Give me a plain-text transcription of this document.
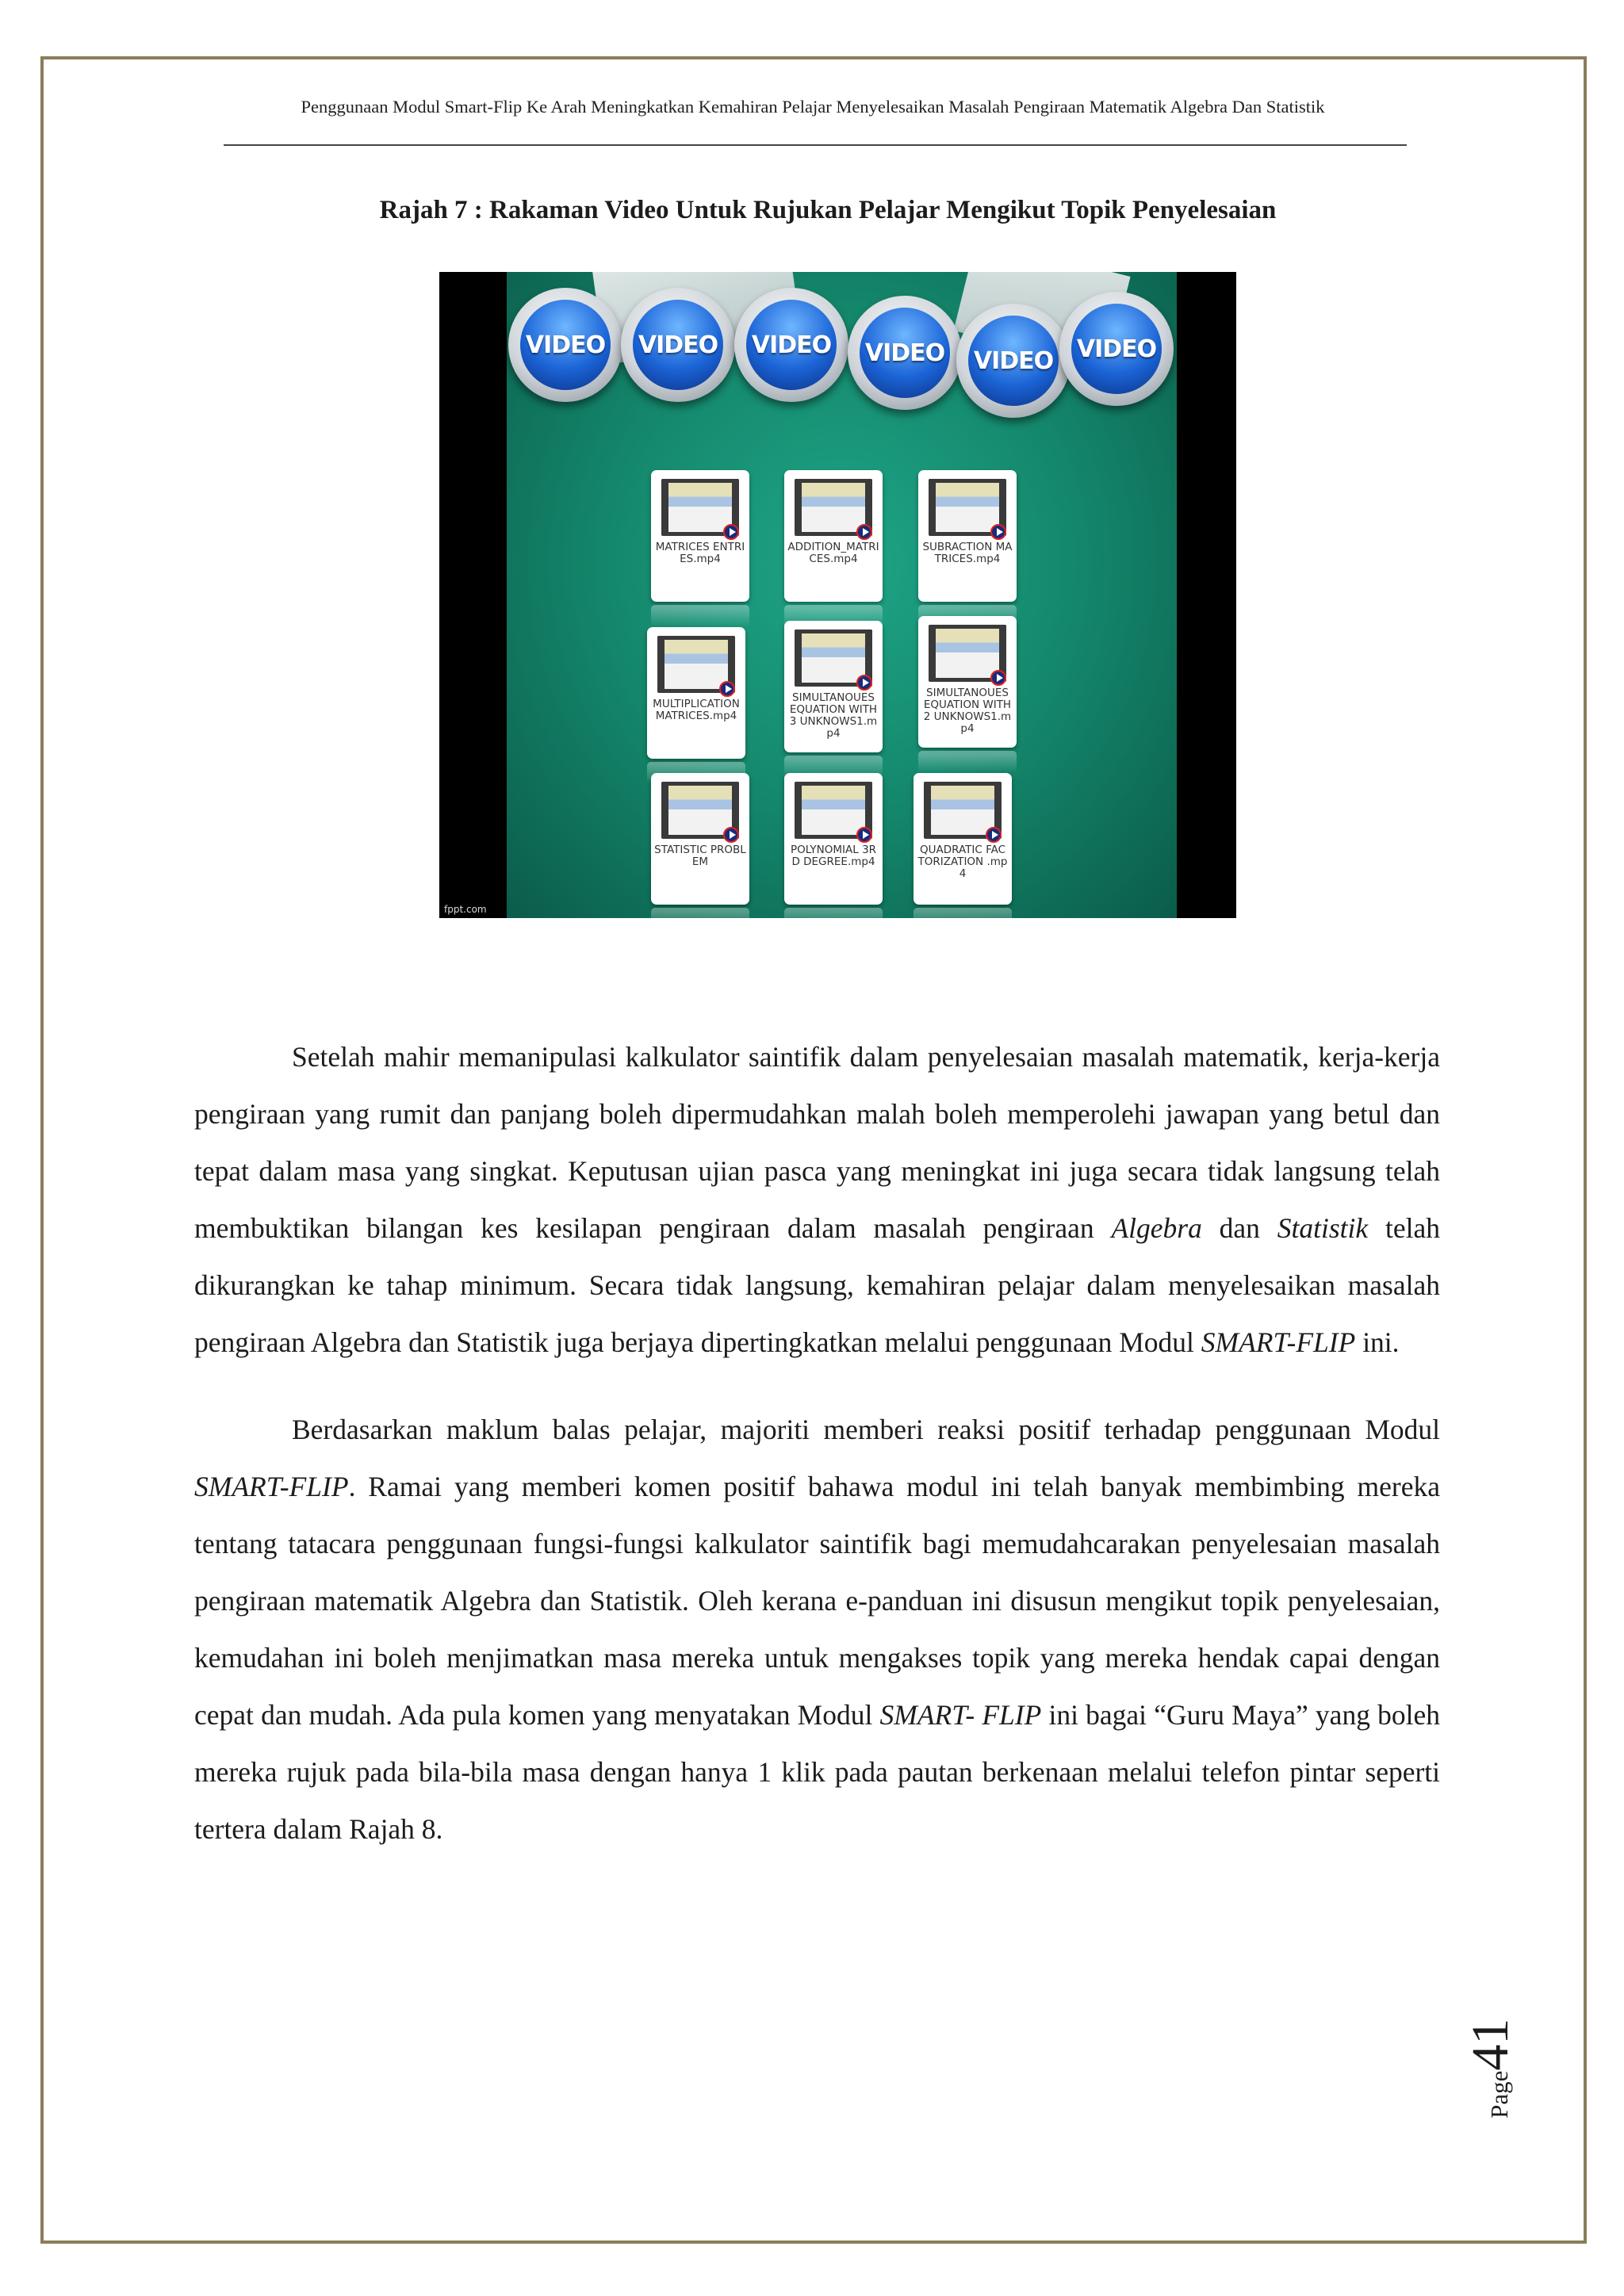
Penggunaan Modul Smart-Flip Ke Arah Meningkatkan Kemahiran Pelajar Menyelesaikan Masalah Pengiraan Matematik Algebra Dan Statistik
Rajah 7 : Rakaman Video Untuk Rujukan Pelajar Mengikut Topik Penyelesaian
VIDEO VIDEO VIDEO VIDEO VIDEO VIDEO
MATRICES ENTRIES.mp4
ADDITION_MATRICES.mp4
SUBRACTION MATRICES.mp4
MULTIPLICATION MATRICES.mp4
SIMULTANOUES EQUATION WITH 3 UNKNOWS1.mp4
SIMULTANOUES EQUATION WITH 2 UNKNOWS1.mp4
STATISTIC PROBLEM
POLYNOMIAL 3RD DEGREE.mp4
QUADRATIC FACTORIZATION .mp4
fppt.com

Setelah mahir memanipulasi kalkulator saintifik dalam penyelesaian masalah matematik, kerja-kerja pengiraan yang rumit dan panjang boleh dipermudahkan malah boleh memperolehi jawapan yang betul dan tepat dalam masa yang singkat. Keputusan ujian pasca yang meningkat ini juga secara tidak langsung telah membuktikan bilangan kes kesilapan pengiraan dalam masalah pengiraan Algebra dan Statistik telah dikurangkan ke tahap minimum. Secara tidak langsung, kemahiran pelajar dalam menyelesaikan masalah pengiraan Algebra dan Statistik juga berjaya dipertingkatkan melalui penggunaan Modul SMART-FLIP ini.

Berdasarkan maklum balas pelajar, majoriti memberi reaksi positif terhadap penggunaan Modul SMART-FLIP. Ramai yang memberi komen positif bahawa modul ini telah banyak membimbing mereka tentang tatacara penggunaan fungsi-fungsi kalkulator saintifik bagi memudahcarakan penyelesaian masalah pengiraan matematik Algebra dan Statistik. Oleh kerana e-panduan ini disusun mengikut topik penyelesaian, kemudahan ini boleh menjimatkan masa mereka untuk mengakses topik yang mereka hendak capai dengan cepat dan mudah. Ada pula komen yang menyatakan Modul SMART- FLIP ini bagai “Guru Maya” yang boleh mereka rujuk pada bila-bila masa dengan hanya 1 klik pada pautan berkenaan melalui telefon pintar seperti tertera dalam Rajah 8.

Page41
